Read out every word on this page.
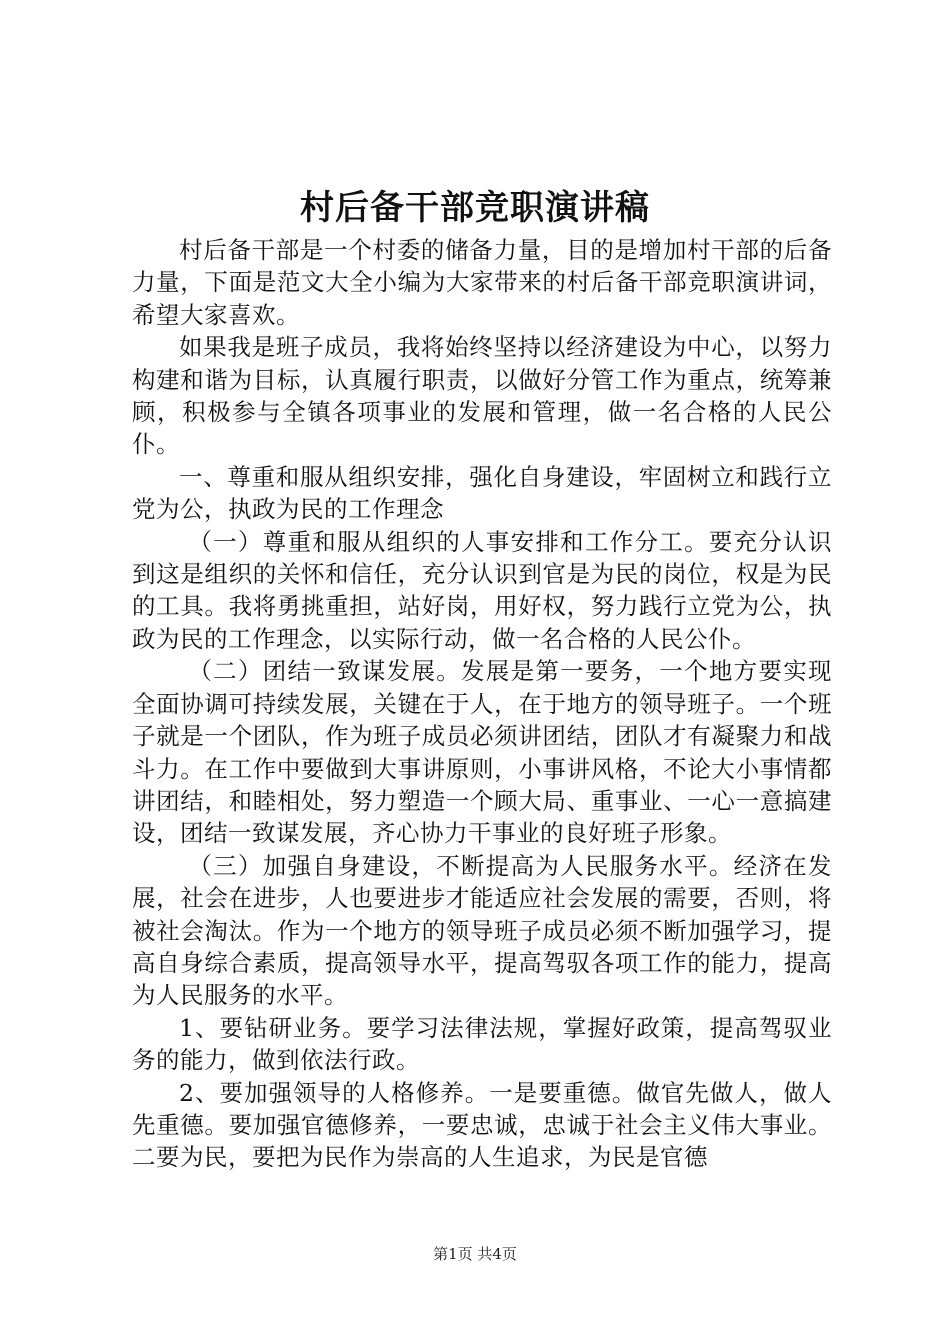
村后备干部竞职演讲稿

村后备干部是一个村委的储备力量，目的是增加村干部的后备力量，下面是范文大全小编为大家带来的村后备干部竞职演讲词，希望大家喜欢。

如果我是班子成员，我将始终坚持以经济建设为中心，以努力构建和谐为目标，认真履行职责，以做好分管工作为重点，统筹兼顾，积极参与全镇各项事业的发展和管理，做一名合格的人民公仆。

一、尊重和服从组织安排，强化自身建设，牢固树立和践行立党为公，执政为民的工作理念

（一）尊重和服从组织的人事安排和工作分工。要充分认识到这是组织的关怀和信任，充分认识到官是为民的岗位，权是为民的工具。我将勇挑重担，站好岗，用好权，努力践行立党为公，执政为民的工作理念，以实际行动，做一名合格的人民公仆。

（二）团结一致谋发展。发展是第一要务，一个地方要实现全面协调可持续发展，关键在于人，在于地方的领导班子。一个班子就是一个团队，作为班子成员必须讲团结，团队才有凝聚力和战斗力。在工作中要做到大事讲原则，小事讲风格，不论大小事情都讲团结，和睦相处，努力塑造一个顾大局、重事业、一心一意搞建设，团结一致谋发展，齐心协力干事业的良好班子形象。

（三）加强自身建设，不断提高为人民服务水平。经济在发展，社会在进步，人也要进步才能适应社会发展的需要，否则，将被社会淘汰。作为一个地方的领导班子成员必须不断加强学习，提高自身综合素质，提高领导水平，提高驾驭各项工作的能力，提高为人民服务的水平。

1、要钻研业务。要学习法律法规，掌握好政策，提高驾驭业务的能力，做到依法行政。

2、要加强领导的人格修养。一是要重德。做官先做人，做人先重德。要加强官德修养，一要忠诚，忠诚于社会主义伟大事业。二要为民，要把为民作为崇高的人生追求，为民是官德

第1页 共4页
